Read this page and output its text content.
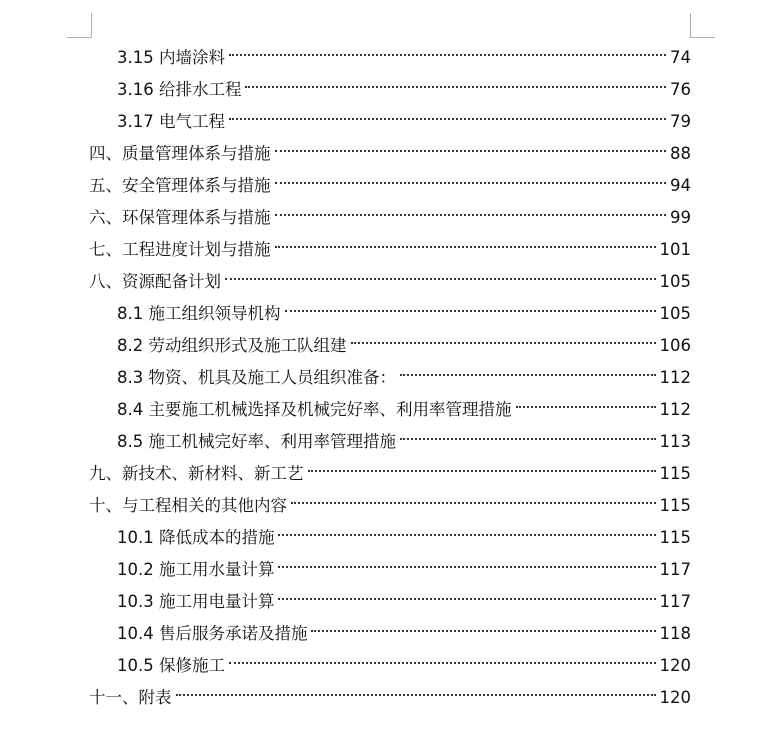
3.15 内墙涂料	74
3.16 给排水工程	76
3.17 电气工程	79
四、质量管理体系与措施	88
五、安全管理体系与措施	94
六、环保管理体系与措施	99
七、工程进度计划与措施	101
八、资源配备计划	105
8.1 施工组织领导机构	105
8.2 劳动组织形式及施工队组建	106
8.3 物资、机具及施工人员组织准备：	112
8.4 主要施工机械选择及机械完好率、利用率管理措施	112
8.5 施工机械完好率、利用率管理措施	113
九、新技术、新材料、新工艺	115
十、与工程相关的其他内容	115
10.1 降低成本的措施	115
10.2 施工用水量计算	117
10.3 施工用电量计算	117
10.4 售后服务承诺及措施	118
10.5 保修施工	120
十一、附表	120
